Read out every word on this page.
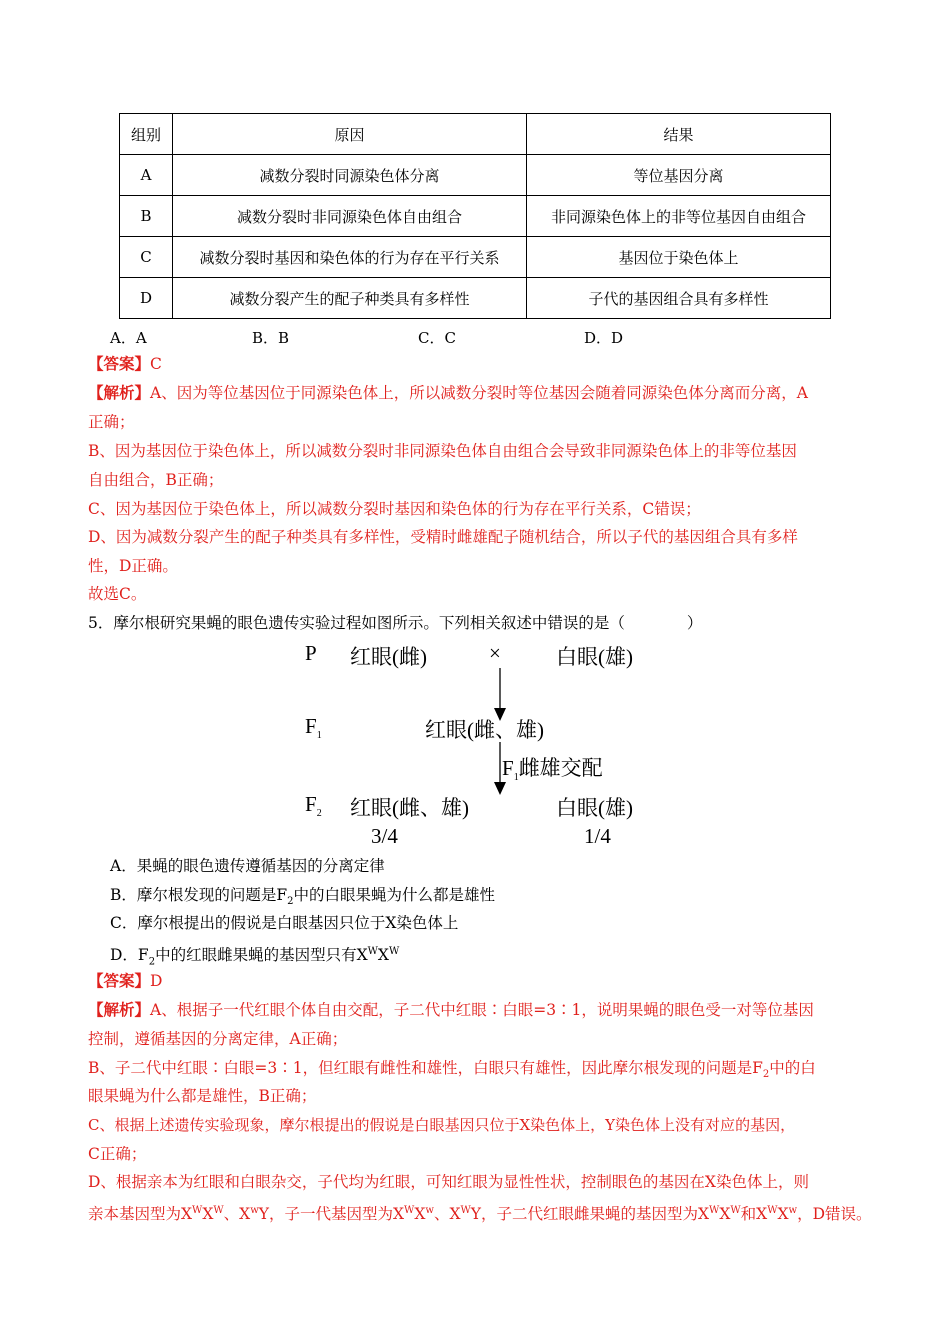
组别	原因	结果
A	减数分裂时同源染色体分离	等位基因分离
B	减数分裂时非同源染色体自由组合	非同源染色体上的非等位基因自由组合
C	减数分裂时基因和染色体的行为存在平行关系	基因位于染色体上
D	减数分裂产生的配子种类具有多样性	子代的基因组合具有多样性
A．A	B．B	C．C	D．D
【答案】C
【解析】A、因为等位基因位于同源染色体上，所以减数分裂时等位基因会随着同源染色体分离而分离，A
正确；
B、因为基因位于染色体上，所以减数分裂时非同源染色体自由组合会导致非同源染色体上的非等位基因
自由组合，B正确；
C、因为基因位于染色体上，所以减数分裂时基因和染色体的行为存在平行关系，C错误；
D、因为减数分裂产生的配子种类具有多样性，受精时雌雄配子随机结合，所以子代的基因组合具有多样
性，D正确。
故选C。
5．摩尔根研究果蝇的眼色遗传实验过程如图所示。下列相关叙述中错误的是（　　　　）
P 红眼(雌)	×	白眼(雄)
$F_1$	红眼(雌、雄)
$F_1$雌雄交配
$F_2$ 红眼(雌、雄)	白眼(雄)
3/4	1/4
A．果蝇的眼色遗传遵循基因的分离定律
B．摩尔根发现的问题是$F_2$中的白眼果蝇为什么都是雄性
C．摩尔根提出的假说是白眼基因只位于X染色体上
D．$F_2$中的红眼雌果蝇的基因型只有$X^WX^W$
【答案】D
【解析】A、根据子一代红眼个体自由交配，子二代中红眼∶白眼=3∶1，说明果蝇的眼色受一对等位基因
控制，遵循基因的分离定律，A正确；
B、子二代中红眼∶白眼=3∶1，但红眼有雌性和雄性，白眼只有雄性，因此摩尔根发现的问题是$F_2$中的白
眼果蝇为什么都是雄性，B正确；
C、根据上述遗传实验现象，摩尔根提出的假说是白眼基因只位于X染色体上，Y染色体上没有对应的基因，
C正确；
D、根据亲本为红眼和白眼杂交，子代均为红眼，可知红眼为显性性状，控制眼色的基因在X染色体上，则
亲本基因型为$X^WX^W$、$X^wY$，子一代基因型为$X^WX^w$、$X^WY$，子二代红眼雌果蝇的基因型为$X^WX^W$和$X^WX^w$，D错误。
